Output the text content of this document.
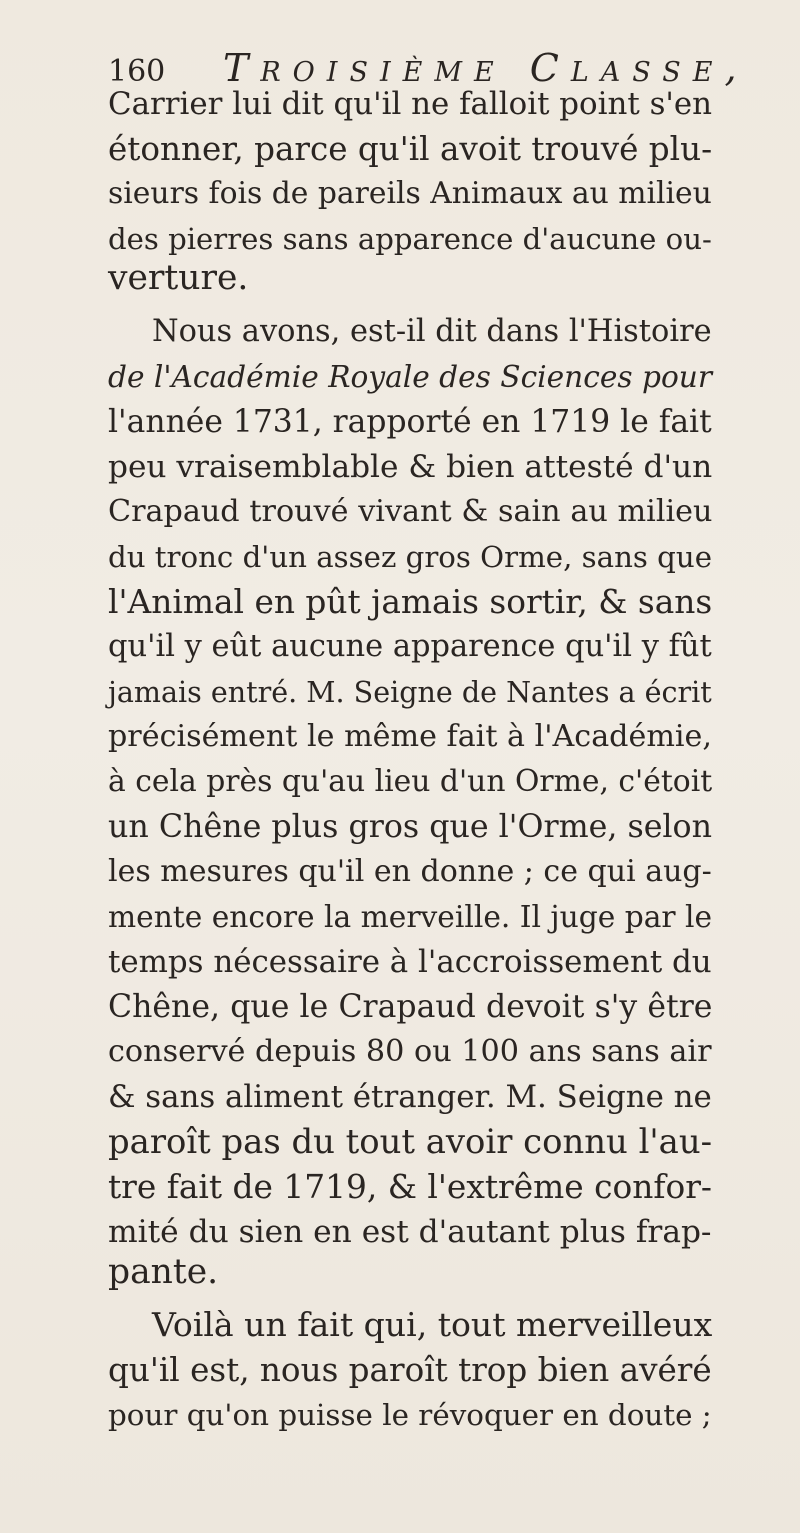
160 Troisième Classe,
Carrier lui dit qu'il ne falloit point s'en
étonner, parce qu'il avoit trouvé plu-
sieurs fois de pareils Animaux au milieu
des pierres sans apparence d'aucune ou-
verture.
Nous avons, est-il dit dans l'Histoire
de l'Académie Royale des Sciences pour
l'année 1731, rapporté en 1719 le fait
peu vraisemblable & bien attesté d'un
Crapaud trouvé vivant & sain au milieu
du tronc d'un assez gros Orme, sans que
l'Animal en pût jamais sortir, & sans
qu'il y eût aucune apparence qu'il y fût
jamais entré. M. Seigne de Nantes a écrit
précisément le même fait à l'Académie,
à cela près qu'au lieu d'un Orme, c'étoit
un Chêne plus gros que l'Orme, selon
les mesures qu'il en donne ; ce qui aug-
mente encore la merveille. Il juge par le
temps nécessaire à l'accroissement du
Chêne, que le Crapaud devoit s'y être
conservé depuis 80 ou 100 ans sans air
& sans aliment étranger. M. Seigne ne
paroît pas du tout avoir connu l'au-
tre fait de 1719, & l'extrême confor-
mité du sien en est d'autant plus frap-
pante.
Voilà un fait qui, tout merveilleux
qu'il est, nous paroît trop bien avéré
pour qu'on puisse le révoquer en doute ;
